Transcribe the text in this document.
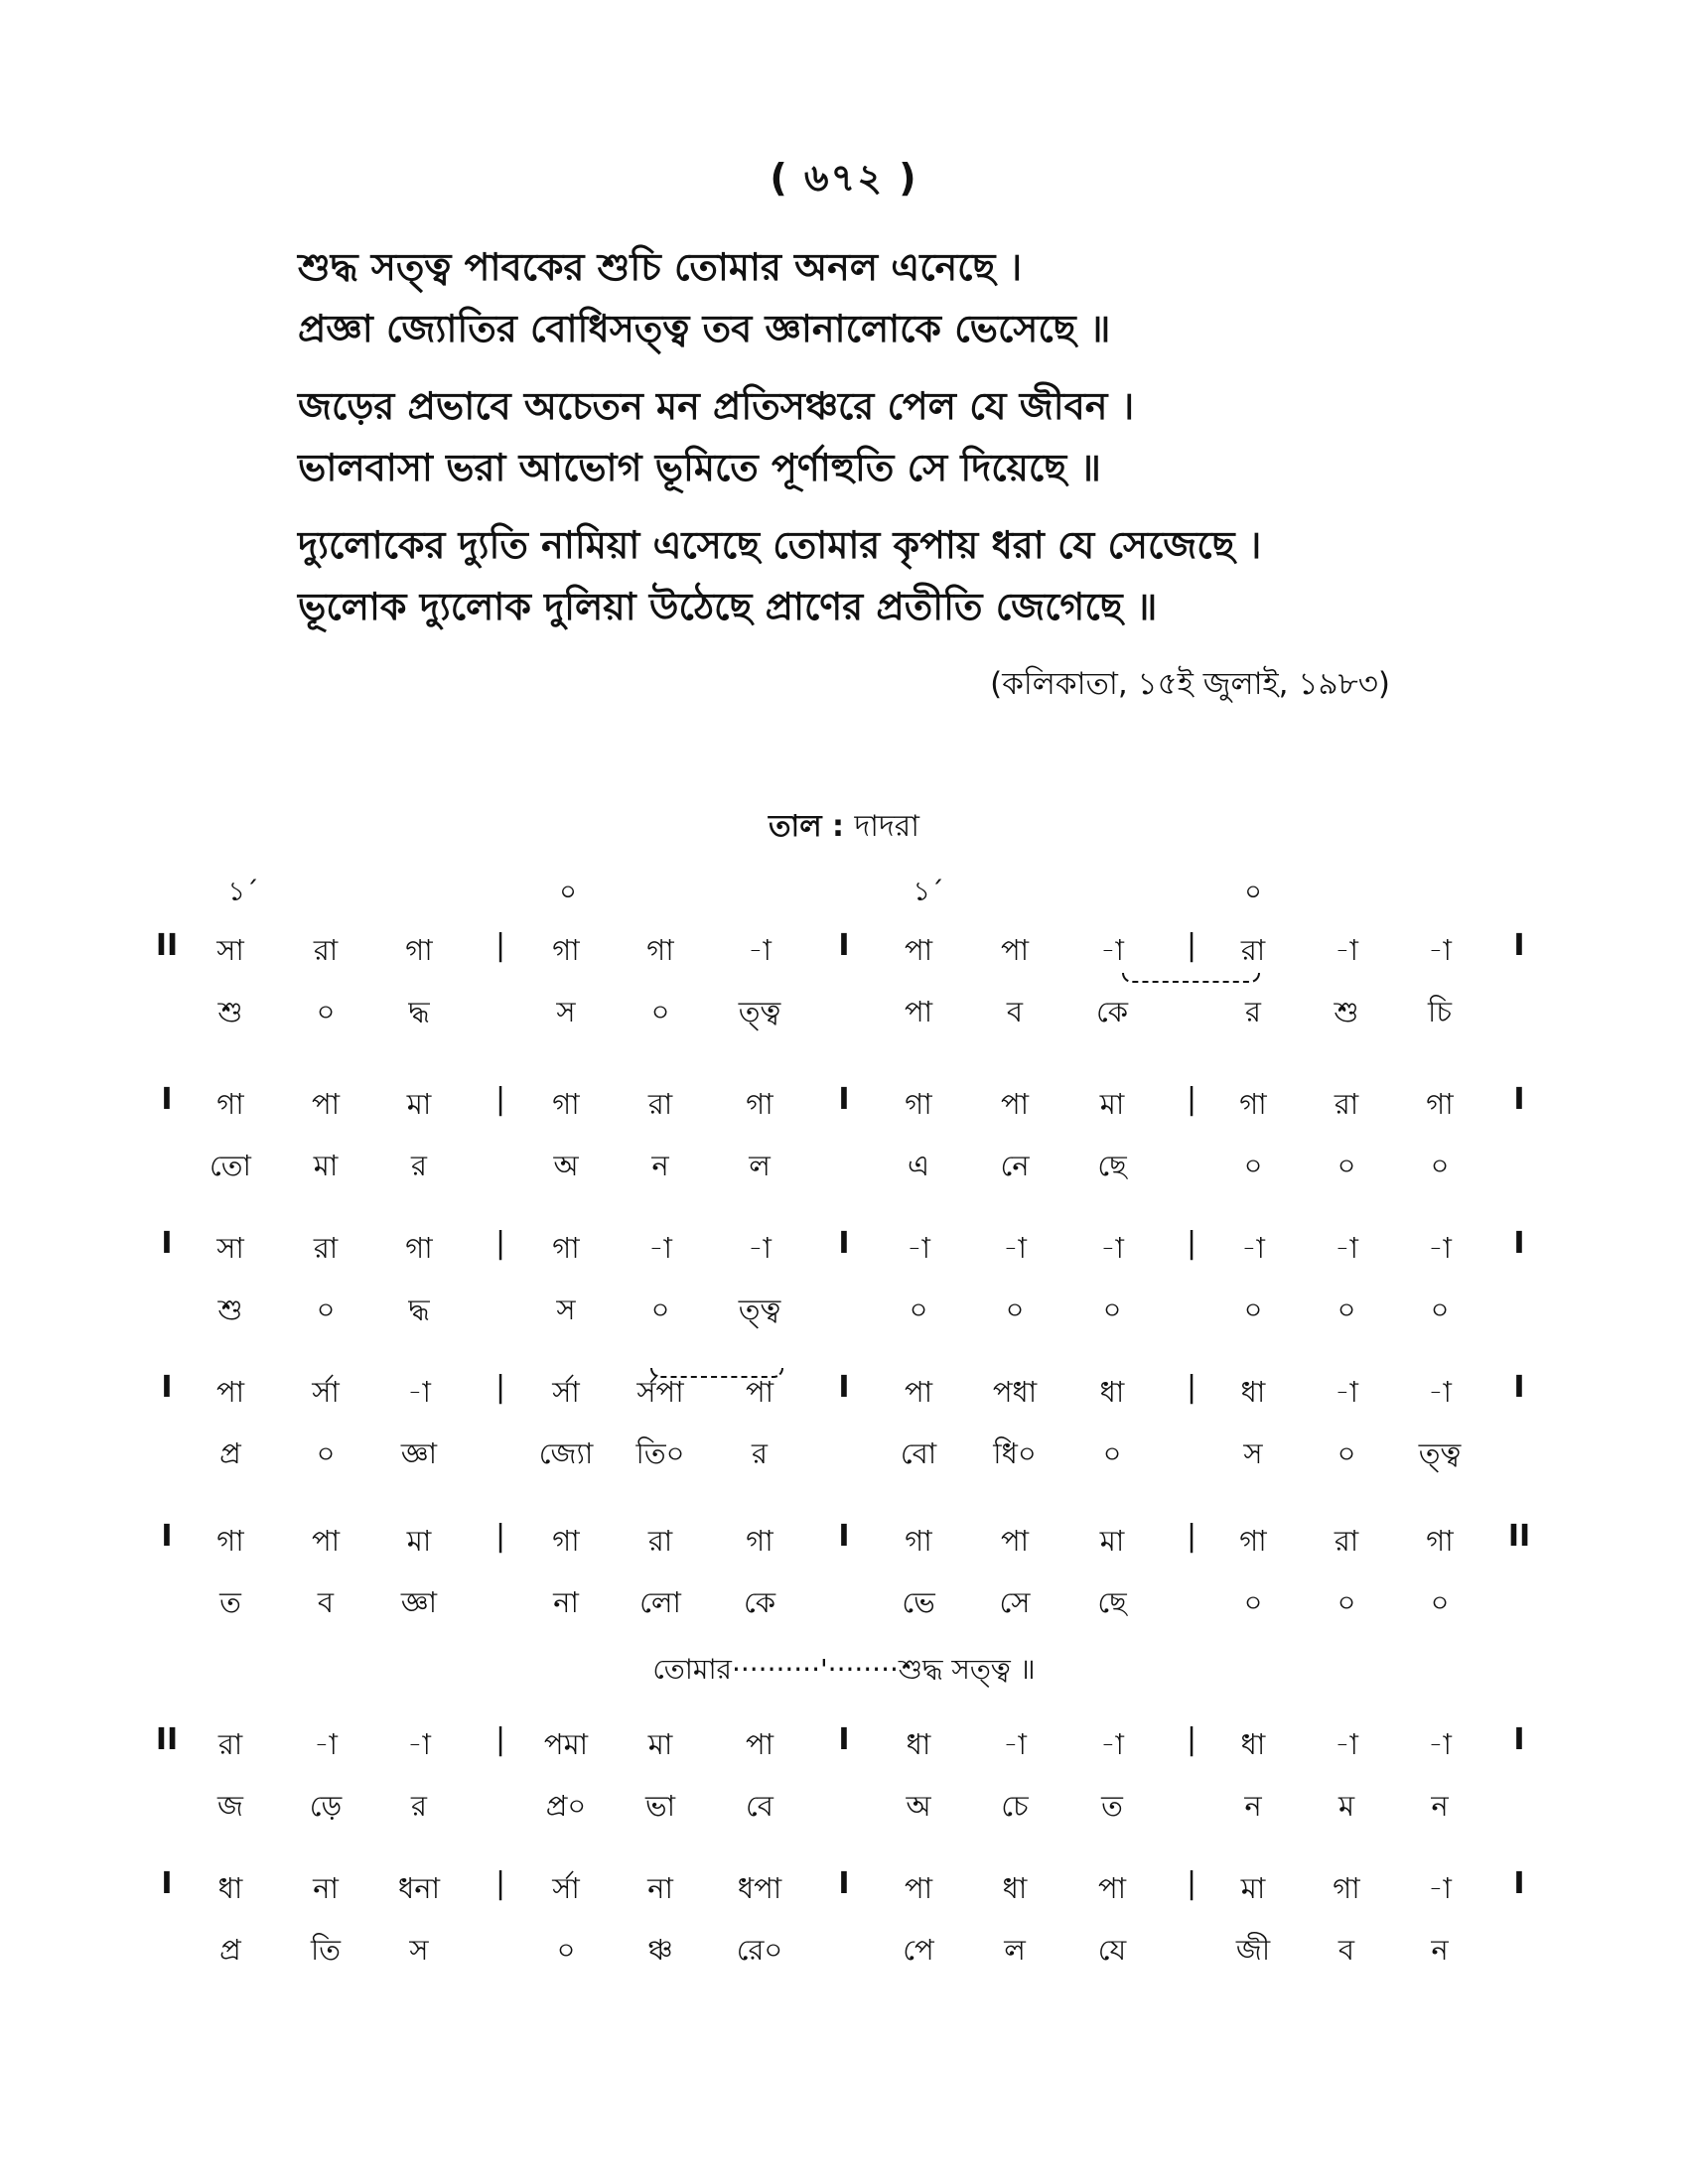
( ৬৭২ )
শুদ্ধ সত্ত্ব পাবকের শুচি তোমার অনল এনেছে ।
প্রজ্ঞা জ্যোতির বোধিসত্ত্ব তব জ্ঞানালোকে ভেসেছে ॥
জড়ের প্রভাবে অচেতন মন প্রতিসঞ্চরে পেল যে জীবন ।
ভালবাসা ভরা আভোগ ভূমিতে পূর্ণাহুতি সে দিয়েছে ॥
দ্যুলোকের দ্যুতি নামিয়া এসেছে তোমার কৃপায় ধরা যে সেজেছে ।
ভূলোক দ্যুলোক দুলিয়া উঠেছে প্রাণের প্রতীতি জেগেছে ॥
(কলিকাতা, ১৫ই জুলাই, ১৯৮৩)
তাল : দাদরা
১´	০	১´	০
II	I
সা রা গা | গা গা	-া I পা পা -া | রা -া -া
শু	০	দ্ধ	স	০ ত্ত্ব	পা	ব	কে	র	শু চি
I	I
গা পা মা | গা রা	গা I গা পা মা | গা রা গা
তো মা	র	অ	ন	ল	এ নে ছে	০	০	০
I	I
সা রা গা | গা -া	-া I -া	-া	-া | -া -া -া
শু	০	দ্ধ	স	০ ত্ত্ব	০	০	০	০	০	০
I	I
পা র্সা -া | র্সা র্সপা পা I পা পধা ধা | ধা -া -া
প্র	০ জ্ঞা	জ্যো তি০ র	বো ধি০ ০	স	০ ত্ত্ব
I	II
গা পা মা | গা রা	গা I গা পা মা | গা রা গা
ত	ব জ্ঞা	না লো কে	ভে সে ছে	০	০	০
II	I
রা -া -া | পমা মা	পা I ধা	-া	-া | ধা -া -া
জ ড়ে র	প্র০ ভা বে	অ চে	ত	ন	ম	ন
I	I
ধা না ধনা | র্সা না ধপা I পা ধা পা | মা গা -া
প্র তি স	০	ঞ্চ রে০	পে ল	যে	জী ব	ন
তোমার··········'········শুদ্ধ সত্ত্ব ॥
